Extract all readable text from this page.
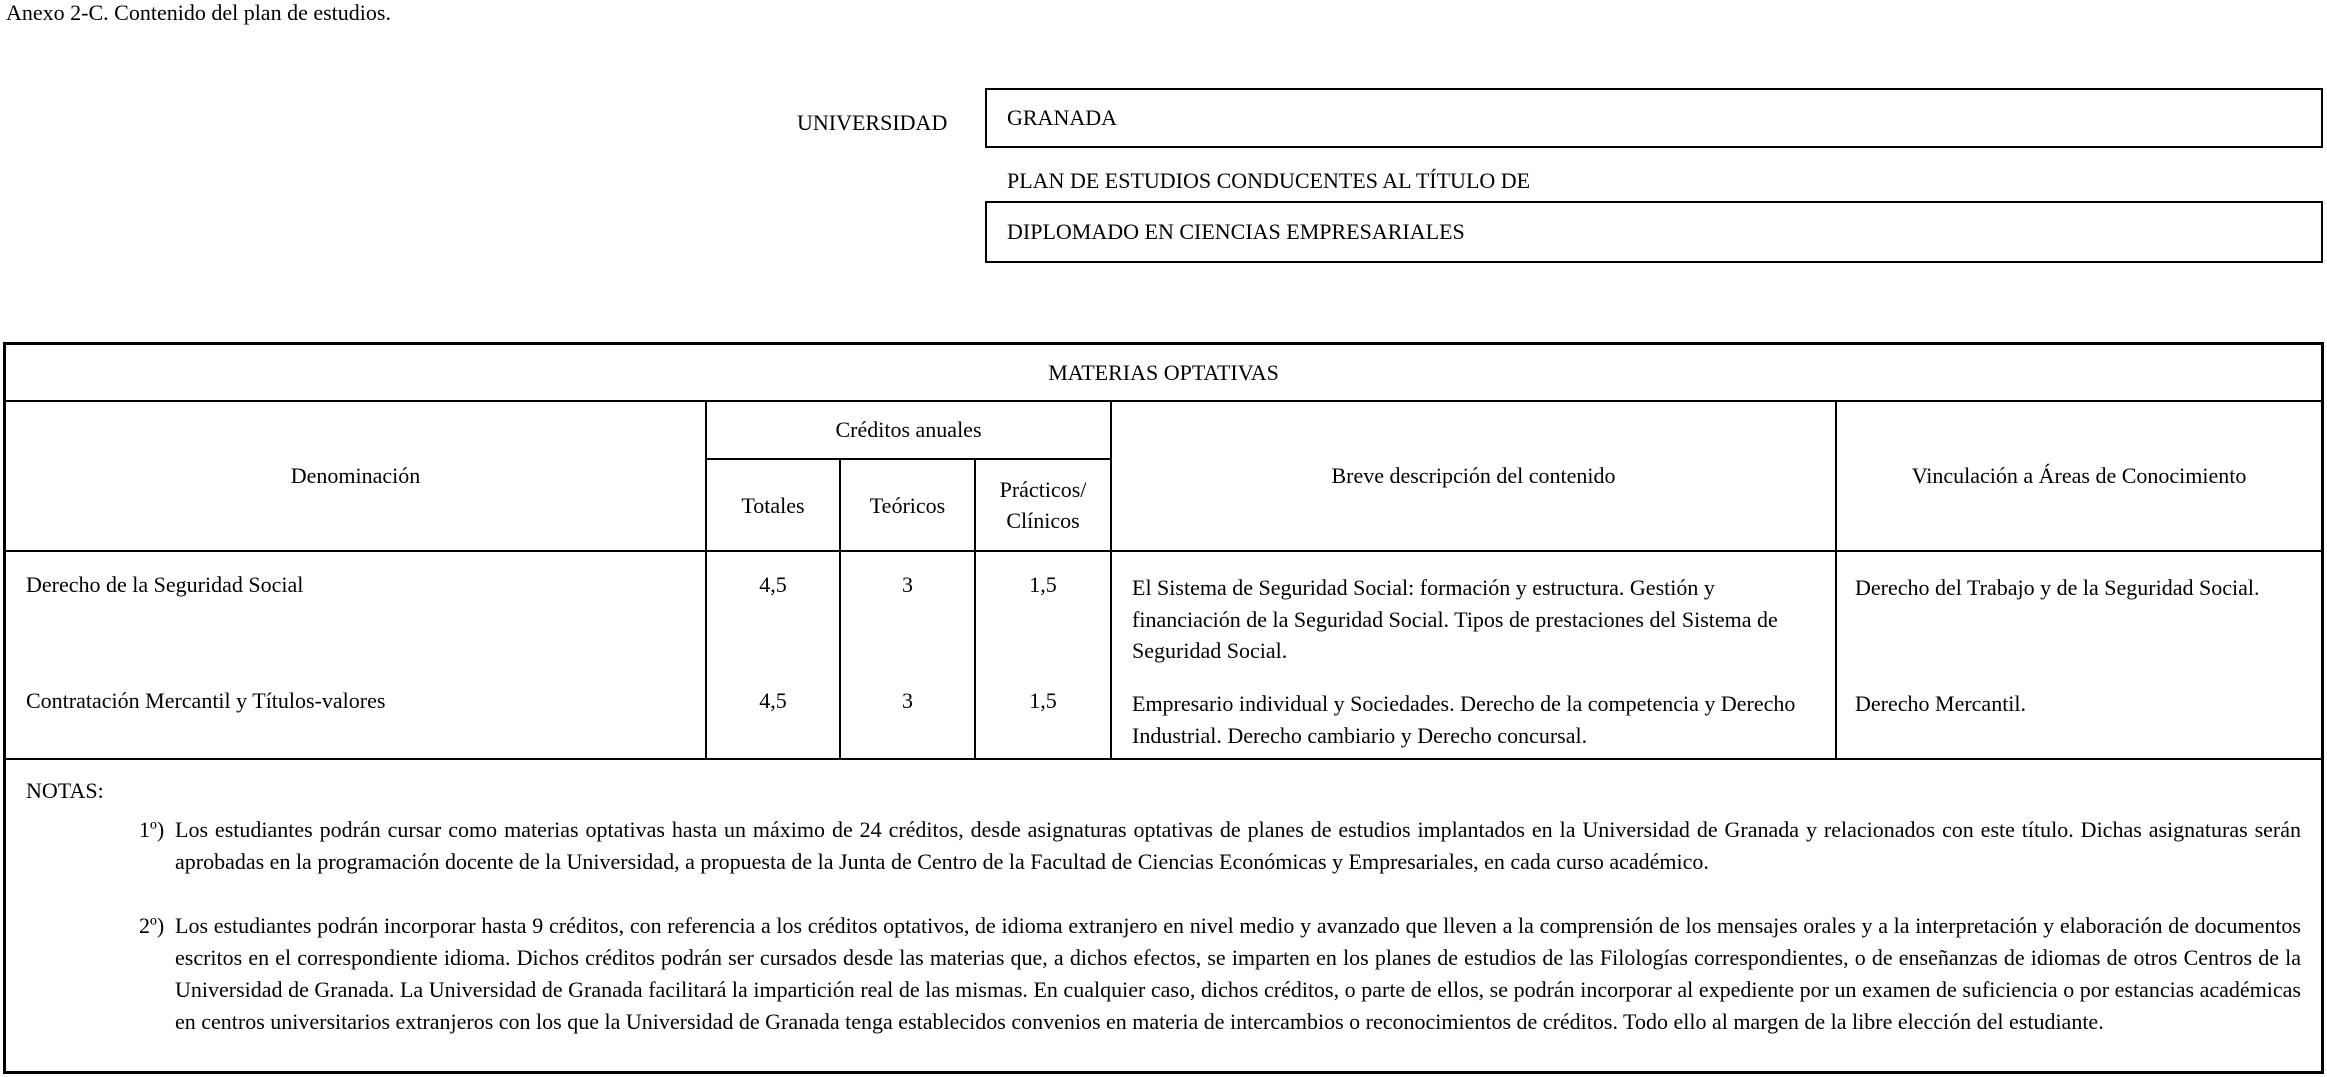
Anexo 2-C. Contenido del plan de estudios.
UNIVERSIDAD	GRANADA
PLAN DE ESTUDIOS CONDUCENTES AL TÍTULO DE
DIPLOMADO EN CIENCIAS EMPRESARIALES
MATERIAS OPTATIVAS					
Denominación	Créditos anuales			Breve descripción del contenido	Vinculación a Áreas de Conocimiento
	Totales	Teóricos	Prácticos/ Clínicos		
Derecho de la Seguridad Social	4,5	3	1,5	El Sistema de Seguridad Social: formación y estructura. Gestión y financiación de la Seguridad Social. Tipos de prestaciones del Sistema de Seguridad Social.	Derecho del Trabajo y de la Seguridad Social.
Contratación Mercantil y Títulos-valores	4,5	3	1,5	Empresario individual y Sociedades. Derecho de la competencia y Derecho Industrial. Derecho cambiario y Derecho concursal.	Derecho Mercantil.
NOTAS:
1º) Los estudiantes podrán cursar como materias optativas hasta un máximo de 24 créditos, desde asignaturas optativas de planes de estudios implantados en la Universidad de Granada y relacionados con este título. Dichas asignaturas serán aprobadas en la programación docente de la Universidad, a propuesta de la Junta de Centro de la Facultad de Ciencias Económicas y Empresariales, en cada curso académico.
2º) Los estudiantes podrán incorporar hasta 9 créditos, con referencia a los créditos optativos, de idioma extranjero en nivel medio y avanzado que lleven a la comprensión de los mensajes orales y a la interpretación y elaboración de documentos escritos en el correspondiente idioma. Dichos créditos podrán ser cursados desde las materias que, a dichos efectos, se imparten en los planes de estudios de las Filologías correspondientes, o de enseñanzas de idiomas de otros Centros de la Universidad de Granada. La Universidad de Granada facilitará la impartición real de las mismas. En cualquier caso, dichos créditos, o parte de ellos, se podrán incorporar al expediente por un examen de suficiencia o por estancias académicas en centros universitarios extranjeros con los que la Universidad de Granada tenga establecidos convenios en materia de intercambios o reconocimientos de créditos. Todo ello al margen de la libre elección del estudiante.
